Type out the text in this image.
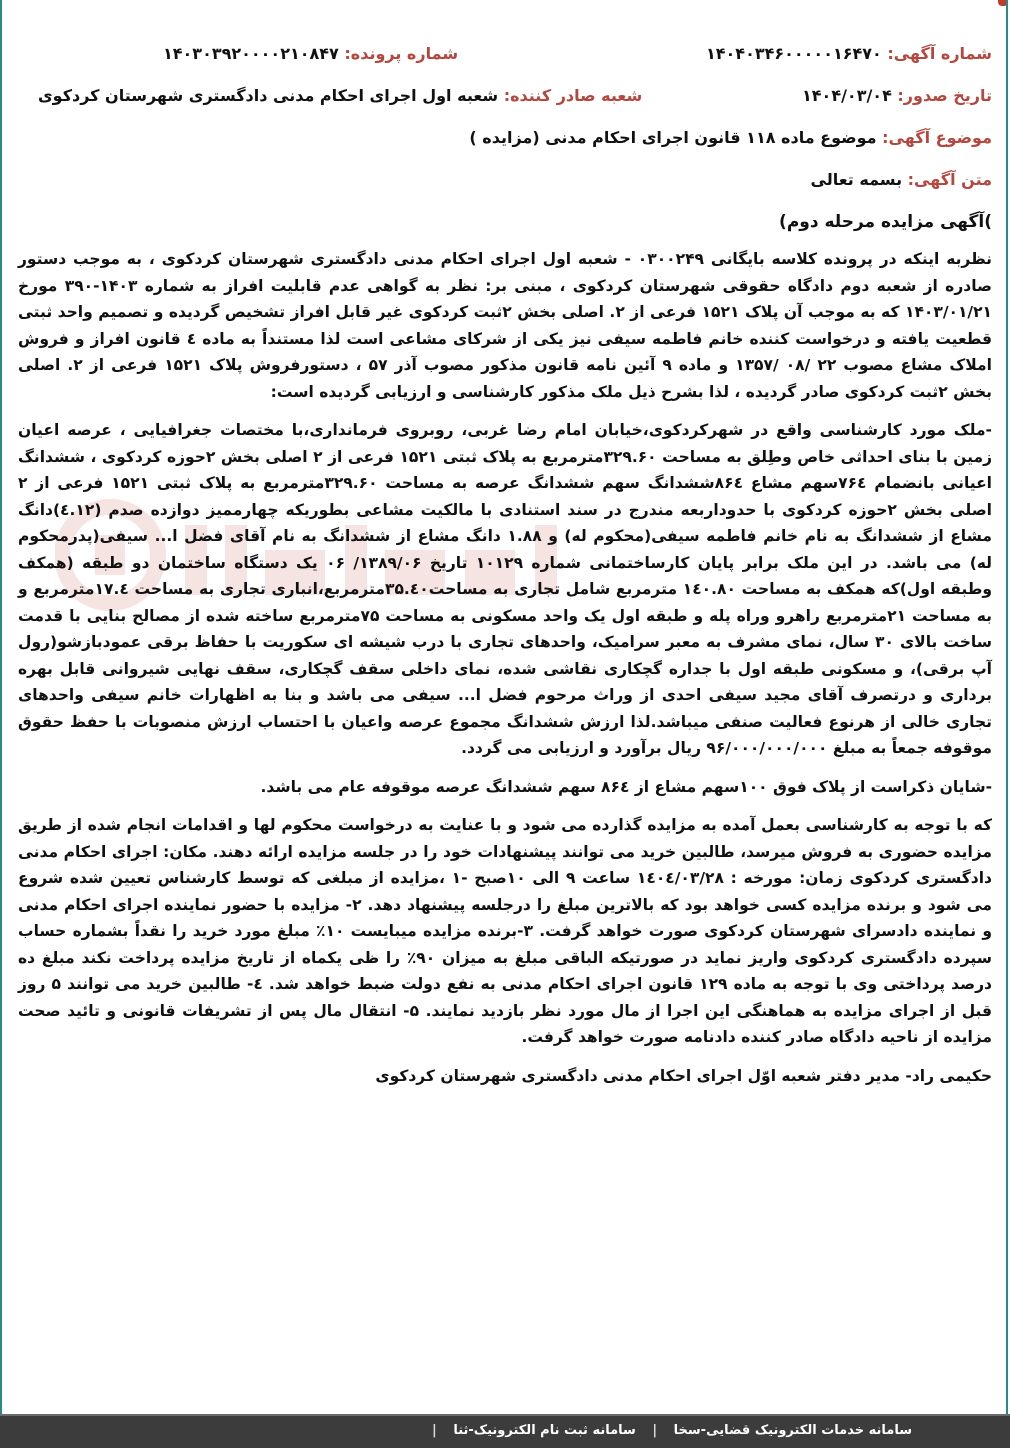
شماره آگهی: ۱۴۰۴۰۳۴۶۰۰۰۰۰۱۶۴۷۰
شماره پرونده: ۱۴۰۳۰۳۹۲۰۰۰۰۲۱۰۸۴۷
تاریخ صدور: ۱۴۰۴/۰۳/۰۴
شعبه صادر کننده: شعبه اول اجرای احکام مدنی دادگستری شهرستان کردکوی
موضوع آگهی: موضوع ماده ۱۱۸ قانون اجرای احکام مدنی (مزایده )
متن آگهی: بسمه تعالی
)آگهی مزایده مرحله دوم)

نظربه اینکه در پرونده کلاسه بایگانی ۰۳۰۰۲۴۹ - شعبه اول اجرای احکام مدنی دادگستری شهرستان کردکوی ، به موجب دستور صادره از شعبه دوم دادگاه حقوقی شهرستان کردکوی ، مبنی بر: نظر به گواهی عدم قابلیت افراز به شماره ۱۴۰۳-۳۹۰ مورخ ۱۴۰۳/۰۱/۲۱ که به موجب آن پلاک ۱۵۲۱ فرعی از ۲. اصلی بخش ۲ثبت کردکوی غیر قابل افراز تشخیص گردیده و تصمیم واحد ثبتی قطعیت یافته و درخواست کننده خانم فاطمه سیفی نیز یکی از شرکای مشاعی است لذا مستنداً به ماده ٤ قانون افراز و فروش املاک مشاع مصوب ۲۲ /۰۸ /۱۳۵۷ و ماده ۹ آئین نامه قانون مذکور مصوب آذر ۵۷ ، دستورفروش پلاک ۱۵۲۱ فرعی از ۲. اصلی بخش ۲ثبت کردکوی صادر گردیده ، لذا بشرح ذیل ملک مذکور کارشناسی و ارزیابی گردیده است:

-ملک مورد کارشناسی واقع در شهرکردکوی،خیابان امام رضا غربی، روبروی فرمانداری،با مختصات جغرافیایی ، عرصه اعیان زمین با بنای احداثی خاص وطِلق به مساحت ۳۲۹.۶۰مترمربع به پلاک ثبتی ۱۵۲۱ فرعی از ۲ اصلی بخش ۲حوزه کردکوی ، ششدانگ اعیانی بانضمام ۷۶٤سهم مشاع ۸۶٤ششدانگ سهم ششدانگ عرصه به مساحت ۳۲۹.۶۰مترمربع به پلاک ثبتی ۱۵۲۱ فرعی از ۲ اصلی بخش ۲حوزه کردکوی با حدوداربعه مندرج در سند استنادی با مالکیت مشاعی بطوریکه چهارممیز دوازده صدم (٤.۱۲)دانگ مشاع از ششدانگ به نام خانم فاطمه سیفی(محکوم له) و ۱.۸۸ دانگ مشاع از ششدانگ به نام آقای فضل ا... سیفی(پدرمحکوم له) می باشد. در این ملک برابر پایان کارساختمانی شماره ۱۰۱۲۹ تاریخ ۱۳۸۹/۰۶/ ۰۶ یک دستگاه ساختمان دو طبقه (همکف وطبقه اول)که همکف به مساحت ۱٤۰.۸۰ مترمربع شامل تجاری به مساحت۳۵.٤۰مترمربع،انباری تجاری به مساحت ۱۷.٤مترمربع و به مساحت ۲۱مترمربع راهرو وراه پله و طبقه اول یک واحد مسکونی به مساحت ۷۵مترمربع ساخته شده از مصالح بنایی با قدمت ساخت بالای ۳۰ سال، نمای مشرف به معبر سرامیک، واحدهای تجاری با درب شیشه ای سکوریت با حفاظ برقی عمودبازشو(رول آپ برقی)، و مسکونی طبقه اول با جداره گچکاری نقاشی شده، نمای داخلی سقف گچکاری، سقف نهایی شیروانی قابل بهره برداری و درتصرف آقای مجید سیفی احدی از وراث مرحوم فضل ا... سیفی می باشد و بنا به اظهارات خانم سیفی واحدهای تجاری خالی از هرنوع فعالیت صنفی میباشد.لذا ارزش ششدانگ مجموع عرصه واعیان با احتساب ارزش منصوبات با حفظ حقوق موقوفه جمعاً به مبلغ ۹۶/۰۰۰/۰۰۰/۰۰۰ ریال برآورد و ارزیابی می گردد.

-شایان ذکراست از پلاک فوق ۱۰۰سهم مشاع از ۸۶٤ سهم ششدانگ عرصه موقوفه عام می باشد.

که با توجه به کارشناسی بعمل آمده به مزایده گذارده می شود و با عنایت به درخواست محکوم لها و اقدامات انجام شده از طریق مزایده حضوری به فروش میرسد، طالبین خرید می توانند پیشنهادات خود را در جلسه مزایده ارائه دهند. مکان: اجرای احکام مدنی دادگستری کردکوی زمان: مورخه : ۱٤۰٤/۰۳/۲۸ ساعت ۹ الی ۱۰صبح -۱ ،مزایده از مبلغی که توسط کارشناس تعیین شده شروع می شود و برنده مزایده کسی خواهد بود که بالاترین مبلغ را درجلسه پیشنهاد دهد. ۲- مزایده با حضور نماینده اجرای احکام مدنی و نماینده دادسرای شهرستان کردکوی صورت خواهد گرفت. ۳-برنده مزایده میبایست ۱۰٪ مبلغ مورد خرید را نقداً بشماره حساب سپرده دادگستری کردکوی واریز نماید در صورتیکه الباقی مبلغ به میزان ۹۰٪ را ظی یکماه از تاریخ مزایده پرداخت نکند مبلغ ده درصد پرداختی وی با توجه به ماده ۱۲۹ قانون اجرای احکام مدنی به نفع دولت ضبط خواهد شد. ٤- طالبین خرید می توانند ۵ روز قبل از اجرای مزایده به هماهنگی این اجرا از مال مورد نظر بازدید نمایند. ۵- انتقال مال پس از تشریفات قانونی و تائید صحت مزایده از ناحیه دادگاه صادر کننده دادنامه صورت خواهد گرفت.

حکیمی راد- مدیر دفتر شعبه اوّل اجرای احکام مدنی دادگستری شهرستان کردکوی

سامانه خدمات الکترونیک قضایی-سخا | سامانه ثبت نام الکترونیک-ثنا |
